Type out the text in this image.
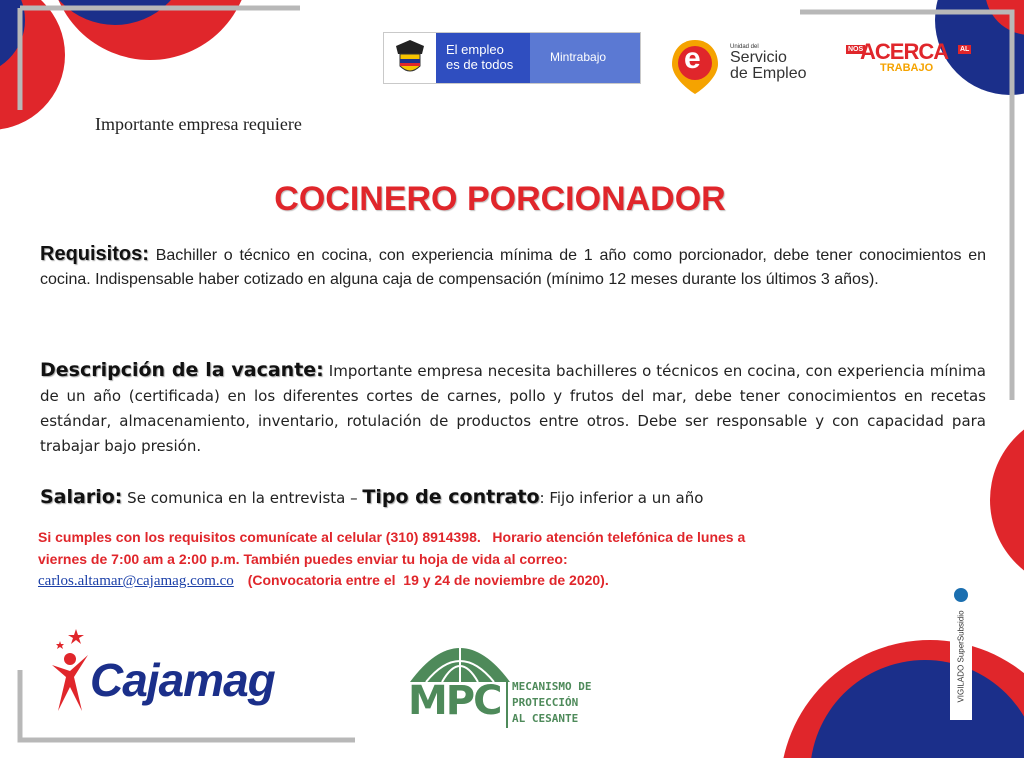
El empleo
es de todos	Mintrabajo	e	Unidad del
Servicio
de Empleo
NOS
ACERCA AL
TRABAJO
Importante empresa requiere
COCINERO PORCIONADOR
Requisitos: Bachiller o técnico en cocina, con experiencia mínima de 1 año como porcionador, debe tener conocimientos en cocina. Indispensable haber cotizado en alguna caja de compensación (mínimo 12 meses durante los últimos 3 años).
Descripción de la vacante: Importante empresa necesita bachilleres o técnicos en cocina, con experiencia mínima de un año (certificada) en los diferentes cortes de carnes, pollo y frutos del mar, debe tener conocimientos en recetas estándar, almacenamiento, inventario, rotulación de productos entre otros. Debe ser responsable y con capacidad para trabajar bajo presión.
Salario: Se comunica en la entrevista – Tipo de contrato: Fijo inferior a un año
Si cumples con los requisitos comunícate al celular (310) 8914398.   Horario atención telefónica de lunes a
viernes de 7:00 am a 2:00 p.m. También puedes enviar tu hoja de vida al correo:
carlos.altamar@cajamag.com.co (Convocatoria entre el  19 y 24 de noviembre de 2020).
Cajamag	MPC MECANISMO DE
PROTECCIÓN
AL CESANTE
VIGILADO SuperSubsidio
